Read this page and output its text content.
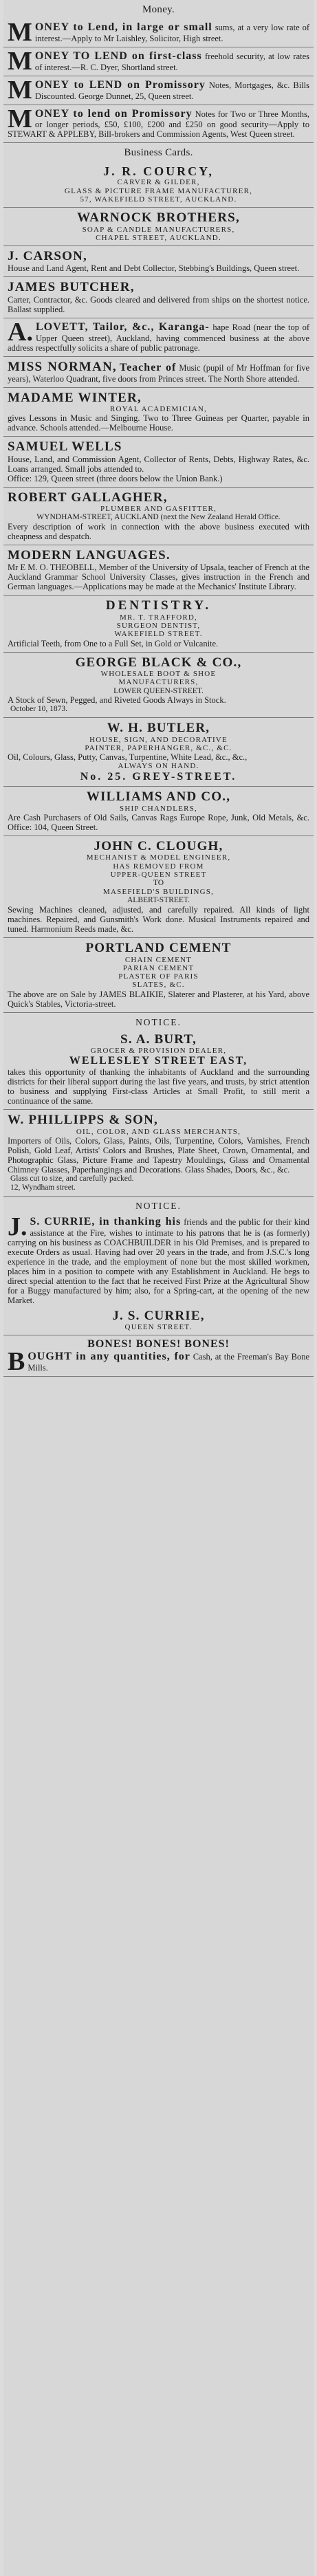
Money.
M ONEY to Lend, in large or small sums, at a very low rate of interest.—Apply to Mr Laishley, Solicitor, High street.
M ONEY TO LEND on first-class freehold security, at low rates of interest.—R. C. Dyer, Shortland street.
M ONEY to LEND on Promissory Notes, Mortgages, &c. Bills Discounted. George Dunnet, 25, Queen street.
M ONEY to lend on Promissory Notes for Two or Three Months, or longer periods, £50, £100, £200 and £250 on good security—Apply to STEWART & APPLEBY, Bill-brokers and Commission Agents, West Queen street.
Business Cards.
J. R. COURCY,
CARVER & GILDER,
GLASS & PICTURE FRAME MANUFACTURER,
57, WAKEFIELD STREET, AUCKLAND.
WARNOCK BROTHERS,
SOAP & CANDLE MANUFACTURERS,
CHAPEL STREET, AUCKLAND.
J. CARSON,
House and Land Agent, Rent and Debt Collector, Stebbing's Buildings, Queen street.
JAMES BUTCHER,
Carter, Contractor, &c. Goods cleared and delivered from ships on the shortest notice. Ballast supplied.
A. LOVETT, Tailor, &c., Karanga- hape Road (near the top of Upper Queen street), Auckland, having commenced business at the above address respectfully solicits a share of public patronage.
MISS NORMAN, Teacher of Music (pupil of Mr Hoffman for five years), Waterloo Quadrant, five doors from Princes street. The North Shore attended.
MADAME WINTER,
ROYAL ACADEMICIAN,
gives Lessons in Music and Singing. Two to Three Guineas per Quarter, payable in advance. Schools attended.—Melbourne House.
SAMUEL WELLS
House, Land, and Commission Agent, Collector of Rents, Debts, Highway Rates, &c. Loans arranged. Small jobs attended to.
Office: 129, Queen street (three doors below the Union Bank.)
ROBERT GALLAGHER,
PLUMBER AND GASFITTER,
WYNDHAM-STREET, AUCKLAND (next the New Zealand Herald Office.
Every description of work in connection with the above business executed with cheapness and despatch.
MODERN LANGUAGES.
Mr E M. O. THEOBELL, Member of the University of Upsala, teacher of French at the Auckland Grammar School University Classes, gives instruction in the French and German languages.—Applications may be made at the Mechanics' Institute Library.
DENTISTRY.
MR. T. TRAFFORD,
SURGEON DENTIST,
WAKEFIELD STREET.
Artificial Teeth, from One to a Full Set, in Gold or Vulcanite.
GEORGE BLACK & CO.,
WHOLESALE BOOT & SHOE
MANUFACTURERS,
LOWER QUEEN-STREET.
A Stock of Sewn, Pegged, and Riveted Goods Always in Stock.
October 10, 1873.
W. H. BUTLER,
HOUSE, SIGN, AND DECORATIVE
PAINTER, PAPERHANGER, &C., &C.
Oil, Colours, Glass, Putty, Canvas, Turpentine, White Lead, &c., &c.,
ALWAYS ON HAND.
No. 25. GREY-STREET.
WILLIAMS AND CO.,
SHIP CHANDLERS,
Are Cash Purchasers of Old Sails, Canvas Rags Europe Rope, Junk, Old Metals, &c. Office: 104, Queen Street.
JOHN C. CLOUGH,
MECHANIST & MODEL ENGINEER,
HAS REMOVED FROM
UPPER-QUEEN STREET
TO
MASEFIELD'S BUILDINGS,
ALBERT-STREET.
Sewing Machines cleaned, adjusted, and carefully repaired. All kinds of light machines. Repaired, and Gunsmith's Work done. Musical Instruments repaired and tuned. Harmonium Reeds made, &c.
PORTLAND CEMENT
CHAIN CEMENT
PARIAN CEMENT
PLASTER OF PARIS
SLATES, &C.
The above are on Sale by JAMES BLAIKIE, Slaterer and Plasterer, at his Yard, above Quick's Stables, Victoria-street.
NOTICE.
S. A. BURT,
GROCER & PROVISION DEALER,
WELLESLEY STREET EAST,
takes this opportunity of thanking the inhabitants of Auckland and the surrounding districts for their liberal support during the last five years, and trusts, by strict attention to business and supplying First-class Articles at Small Profit, to still merit a continuance of the same.
W. PHILLIPPS & SON,
OIL, COLOR, AND GLASS MERCHANTS,
Importers of Oils, Colors, Glass, Paints, Oils, Turpentine, Colors, Varnishes, French Polish, Gold Leaf, Artists' Colors and Brushes, Plate Sheet, Crown, Ornamental, and Photographic Glass, Picture Frame and Tapestry Mouldings, Glass and Ornamental Chimney Glasses, Paperhangings and Decorations. Glass Shades, Doors, &c., &c.
Glass cut to size, and carefully packed.
12, Wyndham street.
NOTICE.
J. S. CURRIE, in thanking his friends and the public for their kind assistance at the Fire, wishes to intimate to his patrons that he is (as formerly) carrying on his business as COACHBUILDER in his Old Premises, and is prepared to execute Orders as usual. Having had over 20 years in the trade, and from J.S.C.'s long experience in the trade, and the employment of none but the most skilled workmen, places him in a position to compete with any Establishment in Auckland. He begs to direct special attention to the fact that he received First Prize at the Agricultural Show for a Buggy manufactured by him; also, for a Spring-cart, at the opening of the new Market.
J. S. CURRIE,
QUEEN STREET.
BONES! BONES! BONES!
B OUGHT in any quantities, for Cash, at the Freeman's Bay Bone Mills.
